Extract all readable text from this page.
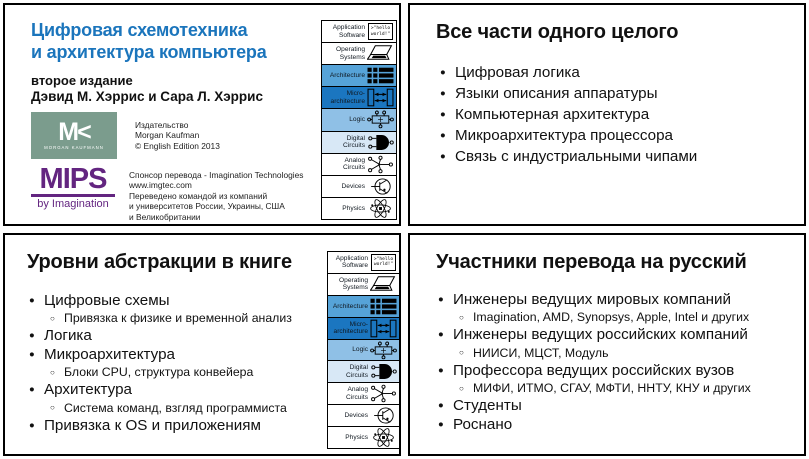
Цифровая схемотехника
и архитектура компьютера
второе издание
Дэвид М. Хэррис и Сара Л. Хэррис
M<
MORGAN KAUFMANN
Издательство
Morgan Kaufman
© English Edition 2013
MIPS
by Imagination
Спонсор перевода - Imagination Technologies
www.imgtec.com
Переведено командой из компаний
и университетов России, Украины, США
и Великобритании
Application
Software
>"hello
world!"
Operating
Systems
Architecture
Micro-
architecture
Logic +
Digital
Circuits
Analog
Circuits
Devices
Physics
Все части одного целого
●
Цифровая логика
●
Языки описания аппаратуры
●
Компьютерная архитектура
●
Микроархитектура процессора
●
Связь с индустриальными чипами
Уровни абстракции в книге
●
Цифровые схемы
○
Привязка к физике и временной анализ
●
Логика
●
Микроархитектура
○
Блоки CPU, структура конвейера
●
Архитектура
○
Система команд, взгляд программиста
●
Привязка к OS и приложениям
Application
Software
>"hello
world!"
Operating
Systems
Architecture
Micro-
architecture
Logic +
Digital
Circuits
Analog
Circuits
Devices
Physics
Участники перевода на русский
●
Инженеры ведущих мировых компаний
○
Imagination, AMD, Synopsys, Apple, Intel и других
●
Инженеры ведущих российских компаний
○
НИИСИ, МЦСТ, Модуль
●
Профессора ведущих российских вузов
○
МИФИ, ИТМО, СГАУ, МФТИ, ННТУ, КНУ и других
●
Студенты
●
Роснано
